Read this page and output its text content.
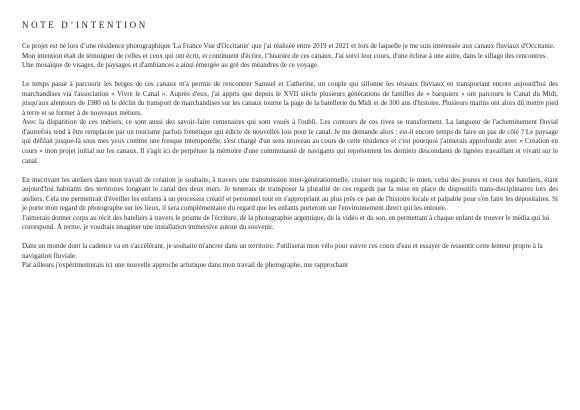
NOTE D’INTENTION

Ce projet est né lors d’une résidence photographique 'La France Vue d'Occitanie' que j'ai réalisée entre 2019 et 2021 et lors de laquelle je me suis intéressée aux canaux fluviaux d'Occitanie. Mon intention était de témoigner de celles et ceux qui ont écrit, et continuent d'écrire, l’histoire de ces canaux. J'ai suivi leur cours, d'une écluse à une autre, dans le sillage des rencontres. Une mosaïque de visages, de paysages et d'ambiances a ainsi émergée au gré des méandres de ce voyage.

Le temps passé à parcourir les berges de ces canaux m'a permis de rencontrer Samuel et Catherine, un couple qui sillonne les réseaux fluviaux en transportant encore aujourd'hui des marchandises via l'association « Vivre le Canal ». Auprès d'eux, j'ai appris que depuis le XVII siècle plusieurs générations de familles de « barquiers » ont parcouru le Canal du Midi, jusqu'aux alentours de 1980 où le déclin du transport de marchandises sur les canaux tourne la page de la batellerie du Midi et de 300 ans d'histoire. Plusieurs marins ont alors dû mettre pied à terre et se former à de nouveaux métiers.

Avec la disparition de ces métiers, ce sont aussi des savoir-faire centenaires qui sont voués à l'oubli. Les contours de ces rives se transforment. La langueur de l'acheminement fluvial d'autrefois tend à être remplacée par un tourisme parfois frénétique qui édicte de nouvelles lois pour le canal. Je me demande alors : est-il encore temps de faire un pas de côté ? Le paysage qui défilait jusque-là sous mes yeux comme une fresque intemporelle, s'est chargé d'un sens nouveau au cours de cette résidence et c'est pourquoi j'aimerais approfondir avec « Création en cours » mon projet initial sur les canaux. Il s'agit ici de perpétuer la mémoire d'une communauté de navigants qui représentent les derniers descendants de lignées travaillant et vivant sur le canal.

En inscrivant les ateliers dans mon travail de création je souhaite, à travers une transmission inter-générationnelle, croiser nos regards; le mien, celui des jeunes et ceux des bateliers, étant aujourd'hui habitants des territoires longeant le canal des deux mers. Je tenterais de transposer la pluralité de ces regards par la mise en place de dispositifs trans-disciplinaires lors des ateliers. Cela me permettrait d'éveiller les enfants à un processus créatif et personnel tout en s'appropriant au plus près ce pan de l'histoire locale et palpable pour s'en faire les dépositaires. Si je porte mon regard de photographe sur les lieux, il sera complémentaire du regard que les enfants porteront sur l'environnement direct qui les entoure.

J'aimerais donner corps au récit des bateliers à travers le prisme de l'écriture, de la photographie argentique, de la vidéo et du son, en permettant à chaque enfant de trouver le média qui lui correspond. À terme, je voudrais imaginer une installation immersive autour du souvenir.

Dans un monde dont la cadence va en s'accélérant, je souhaite m'ancrer dans un territoire. J'utiliserai mon vélo pour suivre ces cours d'eau et essayer de ressentir cette lenteur propre à la navigation fluviale.

Par ailleurs j'expérimenterais ici une nouvelle approche artistique dans mon travail de photographe, me rapprochant
